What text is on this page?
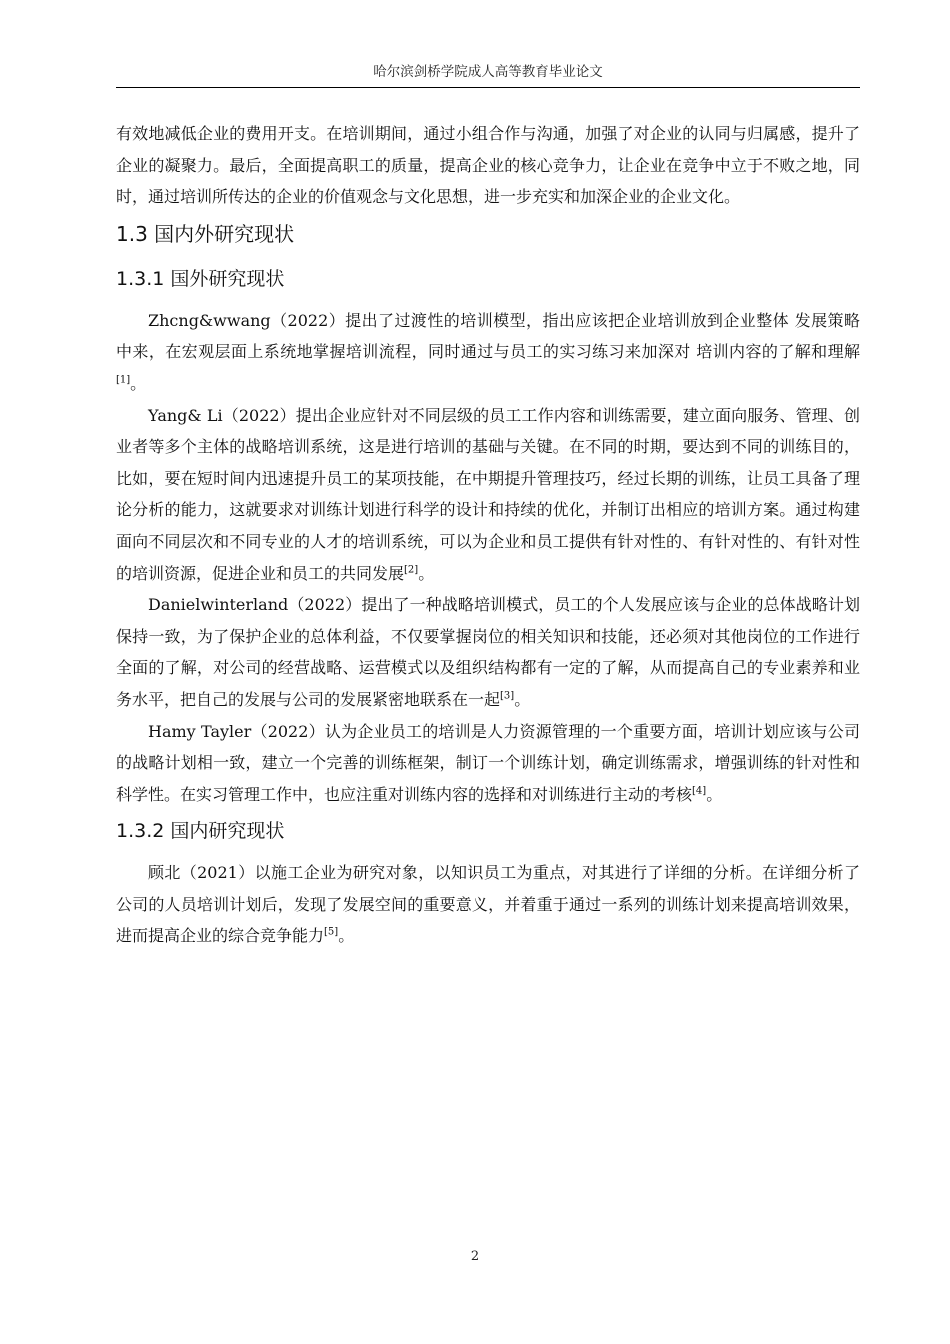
哈尔滨剑桥学院成人高等教育毕业论文

有效地减低企业的费用开支。在培训期间，通过小组合作与沟通，加强了对企业的认同与归属感，提升了企业的凝聚力。最后，全面提高职工的质量，提高企业的核心竞争力，让企业在竞争中立于不败之地，同时，通过培训所传达的企业的价值观念与文化思想，进一步充实和加深企业的企业文化。

1.3 国内外研究现状
1.3.1 国外研究现状

Zhcng&wwang（2022）提出了过渡性的培训模型，指出应该把企业培训放到企业整体 发展策略中来，在宏观层面上系统地掌握培训流程，同时通过与员工的实习练习来加深对 培训内容的了解和理解[1]。

Yang& Li（2022）提出企业应针对不同层级的员工工作内容和训练需要，建立面向服务、管理、创业者等多个主体的战略培训系统，这是进行培训的基础与关键。在不同的时期，要达到不同的训练目的，比如，要在短时间内迅速提升员工的某项技能，在中期提升管理技巧，经过长期的训练，让员工具备了理论分析的能力，这就要求对训练计划进行科学的设计和持续的优化，并制订出相应的培训方案。通过构建面向不同层次和不同专业的人才的培训系统，可以为企业和员工提供有针对性的、有针对性的、有针对性的培训资源，促进企业和员工的共同发展[2]。

Danielwinterland（2022）提出了一种战略培训模式，员工的个人发展应该与企业的总体战略计划保持一致，为了保护企业的总体利益，不仅要掌握岗位的相关知识和技能，还必须对其他岗位的工作进行全面的了解，对公司的经营战略、运营模式以及组织结构都有一定的了解，从而提高自己的专业素养和业务水平，把自己的发展与公司的发展紧密地联系在一起[3]。

Hamy Tayler（2022）认为企业员工的培训是人力资源管理的一个重要方面，培训计划应该与公司的战略计划相一致，建立一个完善的训练框架，制订一个训练计划，确定训练需求，增强训练的针对性和科学性。在实习管理工作中，也应注重对训练内容的选择和对训练进行主动的考核[4]。

1.3.2 国内研究现状

顾北（2021）以施工企业为研究对象，以知识员工为重点，对其进行了详细的分析。在详细分析了公司的人员培训计划后，发现了发展空间的重要意义，并着重于通过一系列的训练计划来提高培训效果，进而提高企业的综合竞争能力[5]。

2
